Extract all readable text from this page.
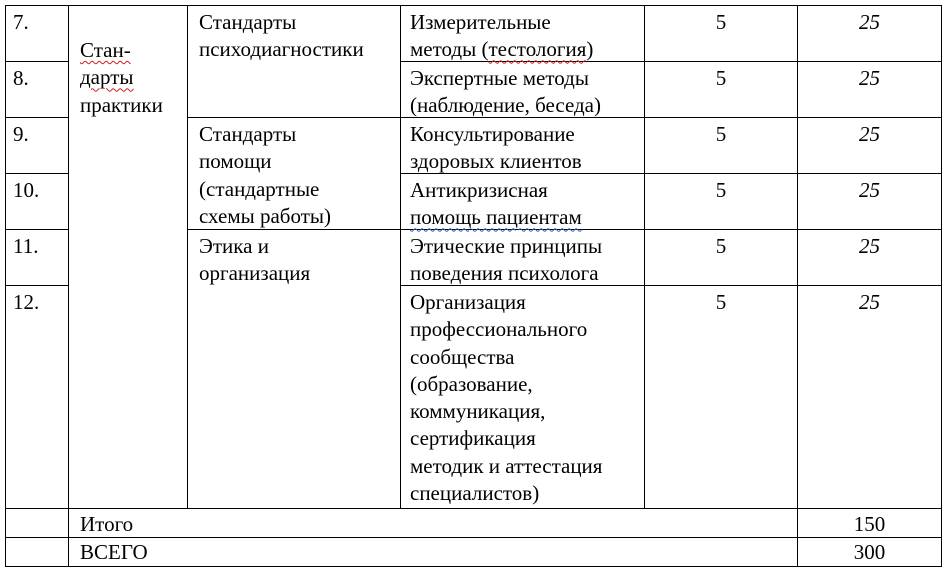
7.
8.
9.
10.
11.
12.
Стан-
дарты
практики
Стандарты
психодиагностики
Стандарты
помощи
(стандартные
схемы работы)
Этика и
организация
Измерительные
методы (тестология)
Экспертные методы
(наблюдение, беседа)
Консультирование
здоровых клиентов
Антикризисная
помощь пациентам
Этические принципы
поведения психолога
Организация
профессионального
сообщества
(образование,
коммуникация,
сертификация
методик и аттестация
специалистов)
5
5
5
5
5
5
25
25
25
25
25
25
Итого	150
ВСЕГО	300
